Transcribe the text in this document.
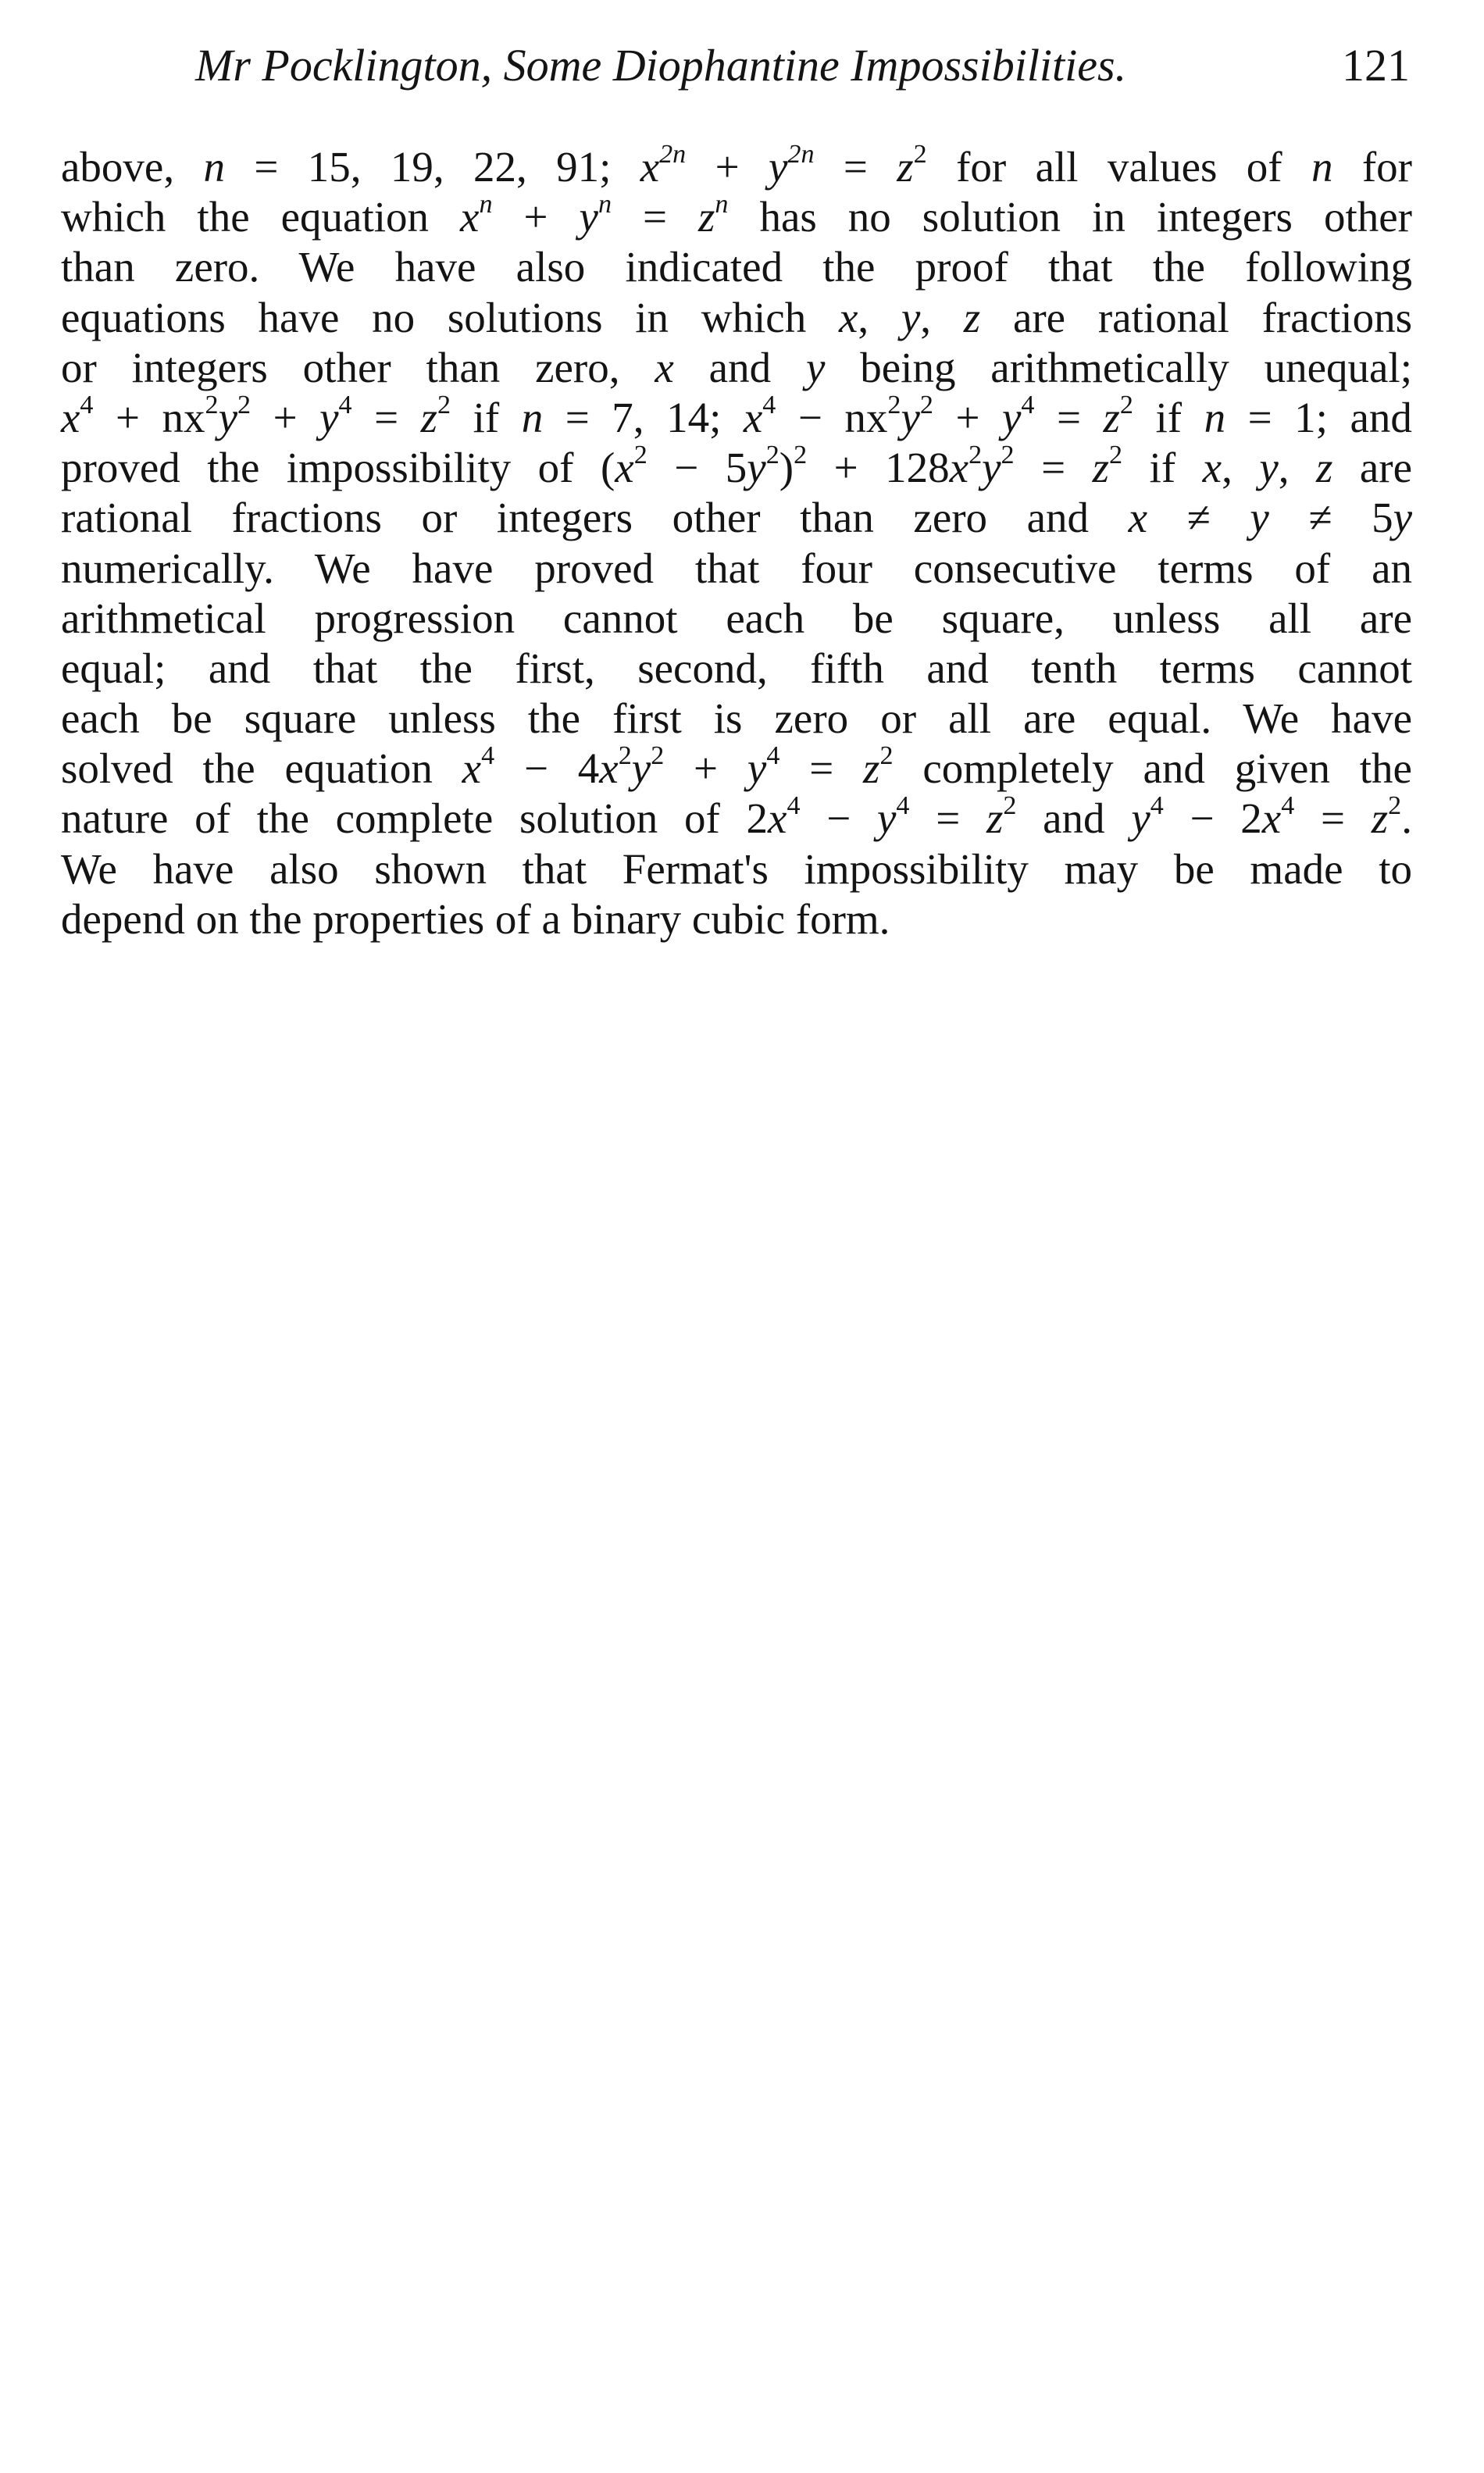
Mr Pocklington, Some Diophantine Impossibilities.	121
above, n = 15, 19, 22, 91; $x^{2n} + y^{2n} = z^2$ for all values of n for
which the equation $x^n + y^n = z^n$ has no solution in integers other
than zero. We have also indicated the proof that the following
equations have no solutions in which x, y, z are rational fractions
or integers other than zero, x and y being arithmetically unequal;
$x^4 + nx^2y^2 + y^4 = z^2$ if n = 7, 14; $x^4 - nx^2y^2 + y^4 = z^2$ if n = 1; and
proved the impossibility of $(x^2 - 5y^2)^2 + 128x^2y^2 = z^2$ if x, y, z are
rational fractions or integers other than zero and x ≠ y ≠ 5y
numerically. We have proved that four consecutive terms of an
arithmetical progression cannot each be square, unless all are
equal; and that the first, second, fifth and tenth terms cannot
each be square unless the first is zero or all are equal. We have
solved the equation $x^4 - 4x^2y^2 + y^4 = z^2$ completely and given the
nature of the complete solution of $2x^4 - y^4 = z^2$ and $y^4 - 2x^4 = z^2$.
We have also shown that Fermat's impossibility may be made to
depend on the properties of a binary cubic form.
